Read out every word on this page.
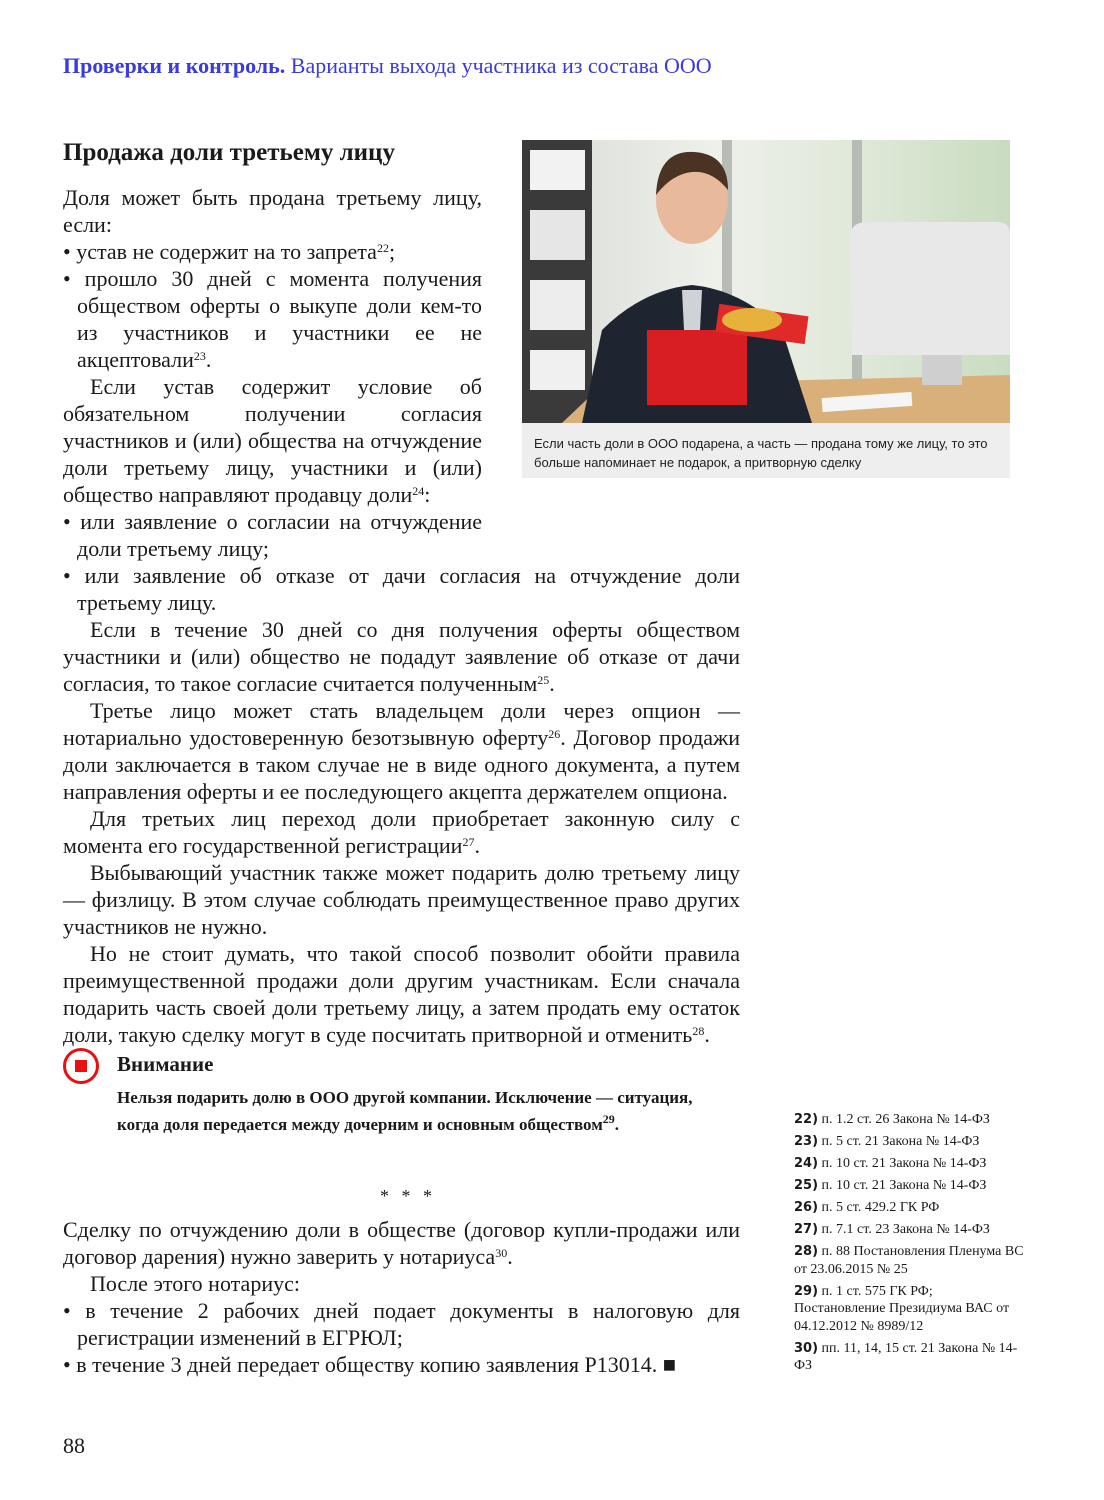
Проверки и контроль. Варианты выхода участника из состава ООО
Если часть доли в ООО подарена, а часть — продана тому же лицу, то это больше напоминает не подарок, а притворную сделку
Продажа доли третьему лицу

Доля может быть продана третьему лицу, если:

• устав не содержит на то запрета$^{22}$;

• прошло 30 дней с момента получения обществом оферты о выкупе доли кем-то из участников и участники ее не акцептовали$^{23}$.

Если устав содержит условие об обязательном получении согласия участников и (или) общества на отчуждение доли третьему лицу, участники и (или) общество направляют продавцу доли$^{24}$:

• или заявление о согласии на отчуждение доли третьему лицу;

• или заявление об отказе от дачи согласия на отчуждение доли третьему лицу.

Если в течение 30 дней со дня получения оферты обществом участники и (или) общество не подадут заявление об отказе от дачи согласия, то такое согласие считается полученным$^{25}$.

Третье лицо может стать владельцем доли через опцион — нотариально удостоверенную безотзывную оферту$^{26}$. Договор продажи доли заключается в таком случае не в виде одного документа, а путем направления оферты и ее последующего акцепта держателем опциона.

Для третьих лиц переход доли приобретает законную силу с момента его государственной регистрации$^{27}$.

Выбывающий участник также может подарить долю третьему лицу — физлицу. В этом случае соблюдать преимущественное право других участников не нужно.

Но не стоит думать, что такой способ позволит обойти правила преимущественной продажи доли другим участникам. Если сначала подарить часть своей доли третьему лицу, а затем продать ему остаток доли, такую сделку могут в суде посчитать притворной и отменить$^{28}$.

Внимание
Нельзя подарить долю в ООО другой компании. Исключение — ситуация, когда доля передается между дочерним и основным обществом$^{29}$.
* * *

Сделку по отчуждению доли в обществе (договор купли-продажи или договор дарения) нужно заверить у нотариуса$^{30}$.

После этого нотариус:

• в течение 2 рабочих дней подает документы в налоговую для регистрации изменений в ЕГРЮЛ;

• в течение 3 дней передает обществу копию заявления Р13014. ■

22) п. 1.2 ст. 26 Закона № 14-ФЗ
23) п. 5 ст. 21 Закона № 14-ФЗ
24) п. 10 ст. 21 Закона № 14-ФЗ
25) п. 10 ст. 21 Закона № 14-ФЗ
26) п. 5 ст. 429.2 ГК РФ
27) п. 7.1 ст. 23 Закона № 14-ФЗ
28) п. 88 Постановления Пленума ВС от 23.06.2015 № 25
29) п. 1 ст. 575 ГК РФ; Постановление Президиума ВАС от 04.12.2012 № 8989/12
30) пп. 11, 14, 15 ст. 21 Закона № 14-ФЗ
88
